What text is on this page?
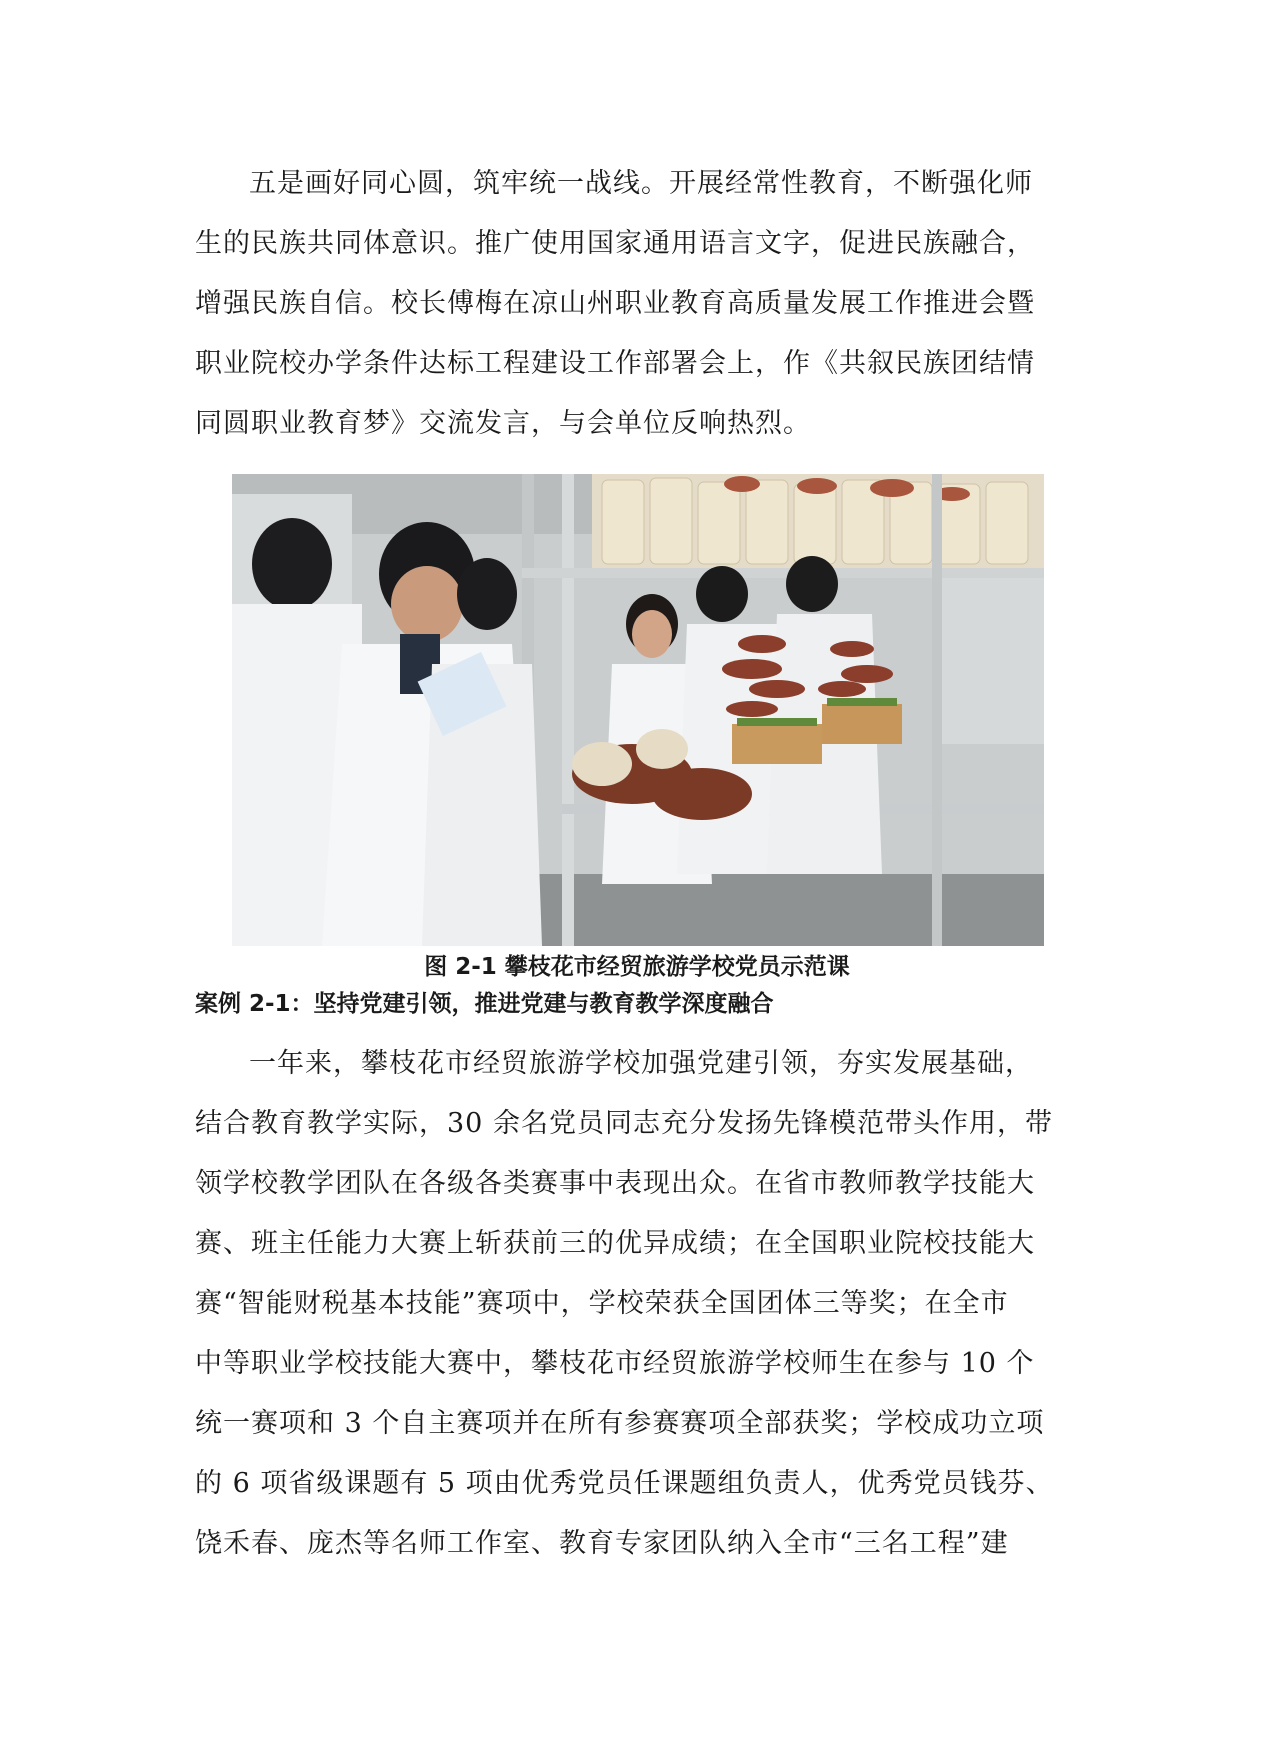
五是画好同心圆，筑牢统一战线。开展经常性教育，不断强化师
生的民族共同体意识。推广使用国家通用语言文字，促进民族融合，
增强民族自信。校长傅梅在凉山州职业教育高质量发展工作推进会暨
职业院校办学条件达标工程建设工作部署会上，作《共叙民族团结情
同圆职业教育梦》交流发言，与会单位反响热烈。

图 2-1 攀枝花市经贸旅游学校党员示范课

案例 2-1：坚持党建引领，推进党建与教育教学深度融合

一年来，攀枝花市经贸旅游学校加强党建引领，夯实发展基础，
结合教育教学实际，30 余名党员同志充分发扬先锋模范带头作用，带
领学校教学团队在各级各类赛事中表现出众。在省市教师教学技能大
赛、班主任能力大赛上斩获前三的优异成绩；在全国职业院校技能大
赛“智能财税基本技能”赛项中，学校荣获全国团体三等奖；在全市
中等职业学校技能大赛中，攀枝花市经贸旅游学校师生在参与 10 个
统一赛项和 3 个自主赛项并在所有参赛赛项全部获奖；学校成功立项
的 6 项省级课题有 5 项由优秀党员任课题组负责人，优秀党员钱芬、
饶禾春、庞杰等名师工作室、教育专家团队纳入全市“三名工程”建
